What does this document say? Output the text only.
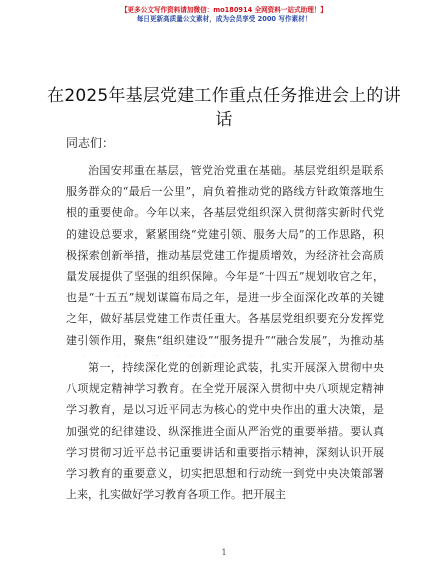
【更多公文写作资料请加微信：mo180914 全网资料一站式助理！】
每日更新高质量公文素材，成为会员享受 2000 写作素材！
在2025年基层党建工作重点任务推进会上的讲话
同志们：

治国安邦重在基层，管党治党重在基础。基层党组织是联系服务群众的“最后一公里”，肩负着推动党的路线方针政策落地生根的重要使命。今年以来，各基层党组织深入贯彻落实新时代党的建设总要求，紧紧围绕“党建引领、服务大局”的工作思路，积极探索创新举措，推动基层党建工作提质增效，为经济社会高质量发展提供了坚强的组织保障。今年是“十四五”规划收官之年，也是“十五五”规划谋篇布局之年，是进一步全面深化改革的关键之年，做好基层党建工作责任重大。各基层党组织要充分发挥党建引领作用，聚焦“组织建设”“服务提升”“融合发展”，为推动基

第一，持续深化党的创新理论武装，扎实开展深入贯彻中央八项规定精神学习教育。在全党开展深入贯彻中央八项规定精神学习教育，是以习近平同志为核心的党中央作出的重大决策，是加强党的纪律建设、纵深推进全面从严治党的重要举措。要认真学习贯彻习近平总书记重要讲话和重要指示精神，深刻认识开展学习教育的重要意义，切实把思想和行动统一到党中央决策部署上来，扎实做好学习教育各项工作。把开展主

1
